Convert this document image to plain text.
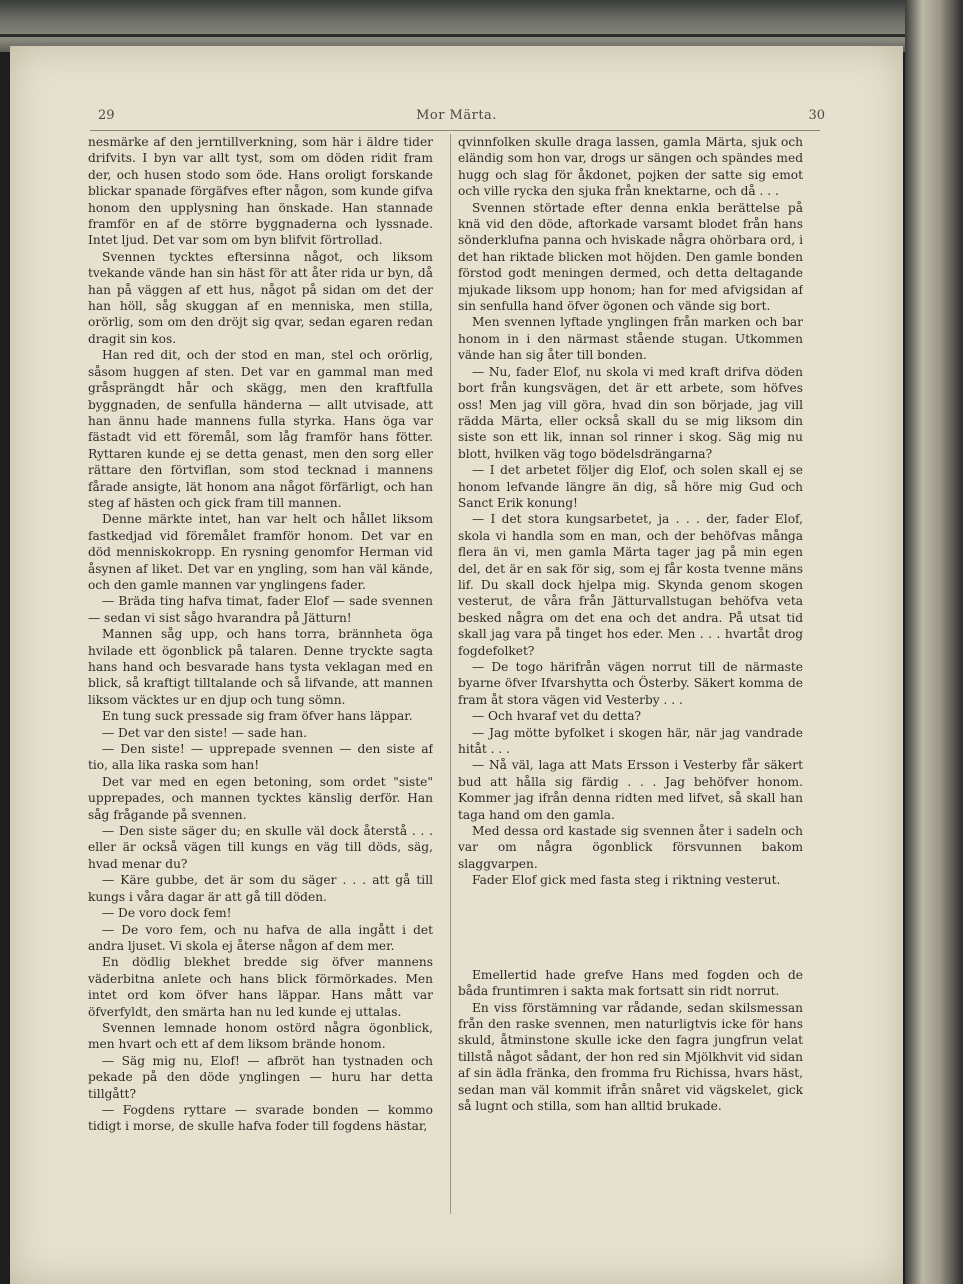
29	Mor Märta.	30

nesmärke af den jerntillverkning, som här i äldre tider drifvits. I byn var allt tyst, som om döden ridit fram der, och husen stodo som öde. Hans oroligt forskande blickar spanade förgäfves efter någon, som kunde gifva honom den upplysning han önskade. Han stannade framför en af de större byggnaderna och lyssnade. Intet ljud. Det var som om byn blifvit förtrollad.

Svennen tycktes eftersinna något, och liksom tvekande vände han sin häst för att åter rida ur byn, då han på väggen af ett hus, något på sidan om det der han höll, såg skuggan af en menniska, men stilla, orörlig, som om den dröjt sig qvar, sedan egaren redan dragit sin kos.

Han red dit, och der stod en man, stel och orörlig, såsom huggen af sten. Det var en gammal man med gråsprängdt hår och skägg, men den kraftfulla byggnaden, de senfulla händerna — allt utvisade, att han ännu hade mannens fulla styrka. Hans öga var fästadt vid ett föremål, som låg framför hans fötter. Ryttaren kunde ej se detta genast, men den sorg eller rättare den förtviflan, som stod tecknad i mannens fårade ansigte, lät honom ana något förfärligt, och han steg af hästen och gick fram till mannen.

Denne märkte intet, han var helt och hållet liksom fastkedjad vid föremålet framför honom. Det var en död menniskokropp. En rysning genomfor Herman vid åsynen af liket. Det var en yngling, som han väl kände, och den gamle mannen var ynglingens fader.

— Bräda ting hafva timat, fader Elof — sade svennen — sedan vi sist sågo hvarandra på Jätturn!

Mannen såg upp, och hans torra, brännheta öga hvilade ett ögonblick på talaren. Denne tryckte sagta hans hand och besvarade hans tysta veklagan med en blick, så kraftigt tilltalande och så lifvande, att mannen liksom väcktes ur en djup och tung sömn.

En tung suck pressade sig fram öfver hans läppar.

— Det var den siste! — sade han.

— Den siste! — upprepade svennen — den siste af tio, alla lika raska som han!

Det var med en egen betoning, som ordet "siste" upprepades, och mannen tycktes känslig derför. Han såg frågande på svennen.

— Den siste säger du; en skulle väl dock återstå . . . eller är också vägen till kungs en väg till döds, säg, hvad menar du?

— Käre gubbe, det är som du säger . . . att gå till kungs i våra dagar är att gå till döden.

— De voro dock fem!

— De voro fem, och nu hafva de alla ingått i det andra ljuset. Vi skola ej återse någon af dem mer.

En dödlig blekhet bredde sig öfver mannens väderbitna anlete och hans blick förmörkades. Men intet ord kom öfver hans läppar. Hans mått var öfverfyldt, den smärta han nu led kunde ej uttalas.

Svennen lemnade honom ostörd några ögonblick, men hvart och ett af dem liksom brände honom.

— Säg mig nu, Elof! — afbröt han tystnaden och pekade på den döde ynglingen — huru har detta tillgått?

— Fogdens ryttare — svarade bonden — kommo tidigt i morse, de skulle hafva foder till fogdens hästar,

qvinnfolken skulle draga lassen, gamla Märta, sjuk och eländig som hon var, drogs ur sängen och spändes med hugg och slag för åkdonet, pojken der satte sig emot och ville rycka den sjuka från knektarne, och då . . .

Svennen störtade efter denna enkla berättelse på knä vid den döde, aftorkade varsamt blodet från hans sönderklufna panna och hviskade några ohörbara ord, i det han riktade blicken mot höjden. Den gamle bonden förstod godt meningen dermed, och detta deltagande mjukade liksom upp honom; han for med afvigsidan af sin senfulla hand öfver ögonen och vände sig bort.

Men svennen lyftade ynglingen från marken och bar honom in i den närmast stående stugan. Utkommen vände han sig åter till bonden.

— Nu, fader Elof, nu skola vi med kraft drifva döden bort från kungsvägen, det är ett arbete, som höfves oss! Men jag vill göra, hvad din son började, jag vill rädda Märta, eller också skall du se mig liksom din siste son ett lik, innan sol rinner i skog. Säg mig nu blott, hvilken väg togo bödelsdrängarna?

— I det arbetet följer dig Elof, och solen skall ej se honom lefvande längre än dig, så höre mig Gud och Sanct Erik konung!

— I det stora kungsarbetet, ja . . . der, fader Elof, skola vi handla som en man, och der behöfvas många flera än vi, men gamla Märta tager jag på min egen del, det är en sak för sig, som ej får kosta tvenne mäns lif. Du skall dock hjelpa mig. Skynda genom skogen vesterut, de våra från Jätturvallstugan behöfva veta besked några om det ena och det andra. På utsat tid skall jag vara på tinget hos eder. Men . . . hvartåt drog fogdefolket?

— De togo härifrån vägen norrut till de närmaste byarne öfver Ifvarshytta och Österby. Säkert komma de fram åt stora vägen vid Vesterby . . .

— Och hvaraf vet du detta?

— Jag mötte byfolket i skogen här, när jag vandrade hitåt . . .

— Nå väl, laga att Mats Ersson i Vesterby får säkert bud att hålla sig färdig . . . Jag behöfver honom. Kommer jag ifrån denna ridten med lifvet, så skall han taga hand om den gamla.

Med dessa ord kastade sig svennen åter i sadeln och var om några ögonblick försvunnen bakom slaggvarpen.

Fader Elof gick med fasta steg i riktning vesterut.

Emellertid hade grefve Hans med fogden och de båda fruntimren i sakta mak fortsatt sin ridt norrut.

En viss förstämning var rådande, sedan skilsmessan från den raske svennen, men naturligtvis icke för hans skuld, åtminstone skulle icke den fagra jungfrun velat tillstå något sådant, der hon red sin Mjölkhvit vid sidan af sin ädla fränka, den fromma fru Richissa, hvars häst, sedan man väl kommit ifrån snåret vid vägskelet, gick så lugnt och stilla, som han alltid brukade.
